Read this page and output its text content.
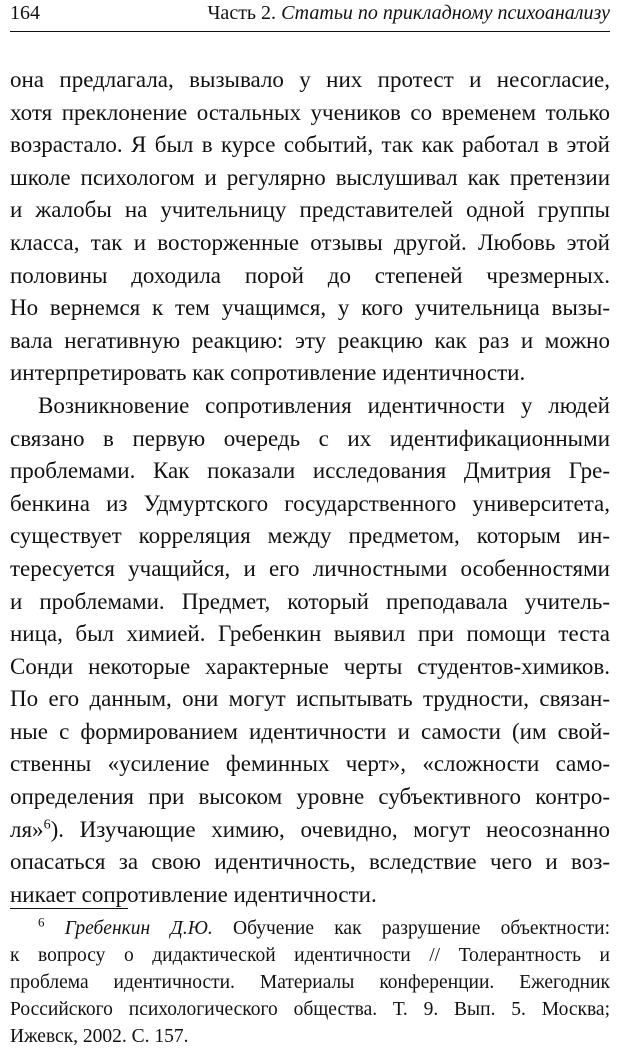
164	Часть 2. Статьи по прикладному психоанализу
она предлагала, вызывало у них протест и несогласие,
хотя преклонение остальных учеников со временем только
возрастало. Я был в курсе событий, так как работал в этой
школе психологом и регулярно выслушивал как претензии
и жалобы на учительницу представителей одной группы
класса, так и восторженные отзывы другой. Любовь этой
половины доходила порой до степеней чрезмерных.
Но вернемся к тем учащимся, у кого учительница вызы-
вала негативную реакцию: эту реакцию как раз и можно
интерпретировать как сопротивление идентичности.
Возникновение сопротивления идентичности у людей
связано в первую очередь с их идентификационными
проблемами. Как показали исследования Дмитрия Гре-
бенкина из Удмуртского государственного университета,
существует корреляция между предметом, которым ин-
тересуется учащийся, и его личностными особенностями
и проблемами. Предмет, который преподавала учитель-
ница, был химией. Гребенкин выявил при помощи теста
Сонди некоторые характерные черты студентов-химиков.
По его данным, они могут испытывать трудности, связан-
ные с формированием идентичности и самости (им свой-
ственны «усиление феминных черт», «сложности само-
определения при высоком уровне субъективного контро-
ля»$^6$). Изучающие химию, очевидно, могут неосознанно
опасаться за свою идентичность, вследствие чего и воз-
никает сопротивление идентичности.
$^6$ Гребенкин Д.Ю. Обучение как разрушение объектности:
к вопросу о дидактической идентичности // Толерантность и
проблема идентичности. Материалы конференции. Ежегодник
Российского психологического общества. Т. 9. Вып. 5. Москва;
Ижевск, 2002. С. 157.
